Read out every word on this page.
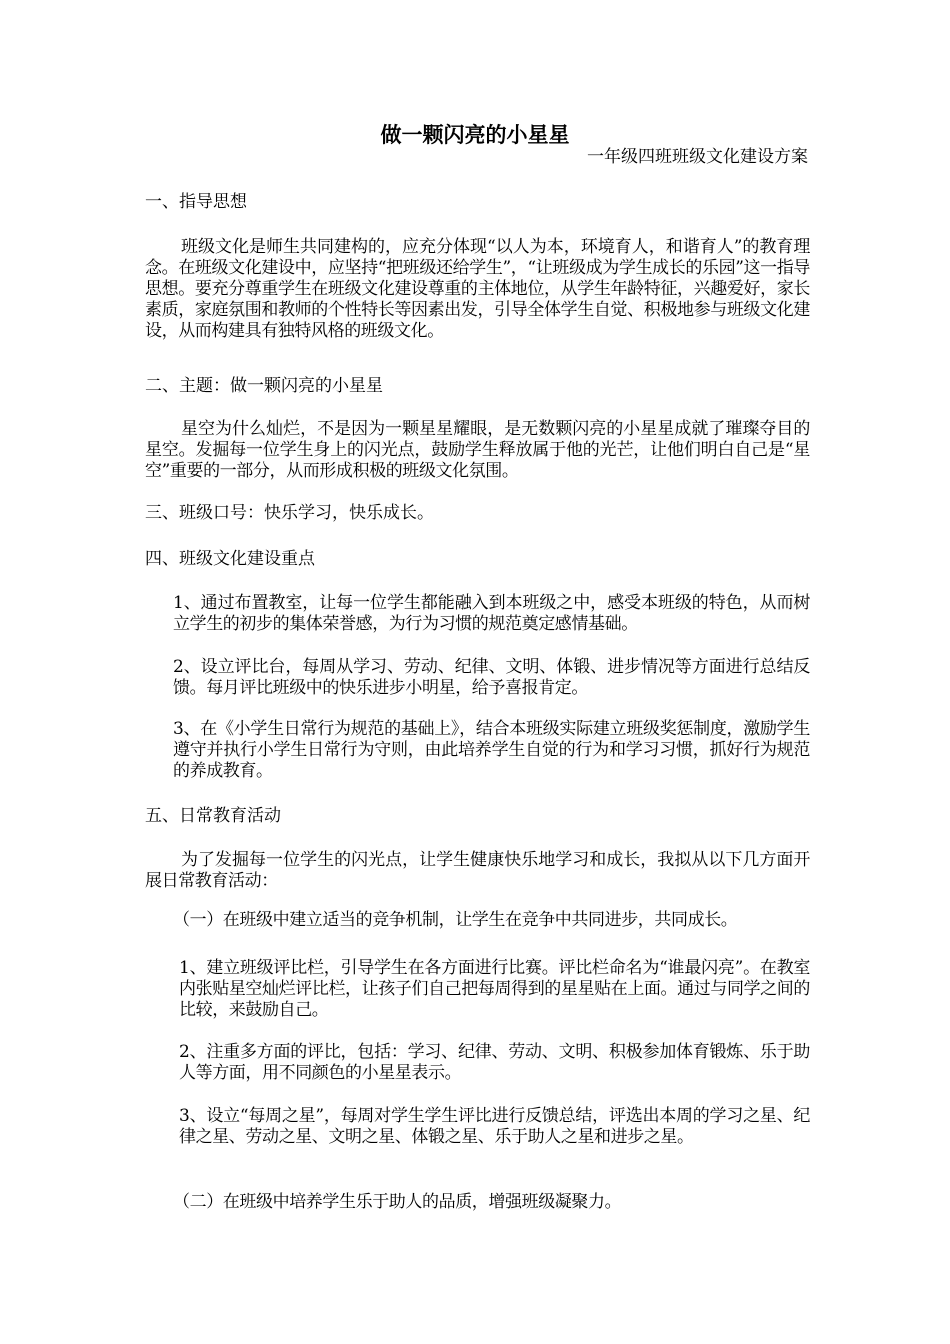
做一颗闪亮的小星星
一年级四班班级文化建设方案
一、指导思想
班级文化是师生共同建构的，应充分体现“以人为本，环境育人，和谐育人”的教育理念。在班级文化建设中，应坚持“把班级还给学生”，“让班级成为学生成长的乐园”这一指导思想。要充分尊重学生在班级文化建设尊重的主体地位，从学生年龄特征，兴趣爱好，家长素质，家庭氛围和教师的个性特长等因素出发，引导全体学生自觉、积极地参与班级文化建设，从而构建具有独特风格的班级文化。
二、主题：做一颗闪亮的小星星
星空为什么灿烂，不是因为一颗星星耀眼，是无数颗闪亮的小星星成就了璀璨夺目的星空。发掘每一位学生身上的闪光点，鼓励学生释放属于他的光芒，让他们明白自己是“星空”重要的一部分，从而形成积极的班级文化氛围。
三、班级口号：快乐学习，快乐成长。
四、班级文化建设重点
1、通过布置教室，让每一位学生都能融入到本班级之中，感受本班级的特色，从而树立学生的初步的集体荣誉感，为行为习惯的规范奠定感情基础。
2、设立评比台，每周从学习、劳动、纪律、文明、体锻、进步情况等方面进行总结反馈。每月评比班级中的快乐进步小明星，给予喜报肯定。
3、在《小学生日常行为规范的基础上》，结合本班级实际建立班级奖惩制度，激励学生遵守并执行小学生日常行为守则，由此培养学生自觉的行为和学习习惯，抓好行为规范的养成教育。
五、日常教育活动
为了发掘每一位学生的闪光点，让学生健康快乐地学习和成长，我拟从以下几方面开展日常教育活动：
（一）在班级中建立适当的竞争机制，让学生在竞争中共同进步，共同成长。
1、建立班级评比栏，引导学生在各方面进行比赛。评比栏命名为“谁最闪亮”。在教室内张贴星空灿烂评比栏，让孩子们自己把每周得到的星星贴在上面。通过与同学之间的比较，来鼓励自己。
2、注重多方面的评比，包括：学习、纪律、劳动、文明、积极参加体育锻炼、乐于助人等方面，用不同颜色的小星星表示。
3、设立“每周之星”，每周对学生学生评比进行反馈总结，评选出本周的学习之星、纪律之星、劳动之星、文明之星、体锻之星、乐于助人之星和进步之星。
（二）在班级中培养学生乐于助人的品质，增强班级凝聚力。
